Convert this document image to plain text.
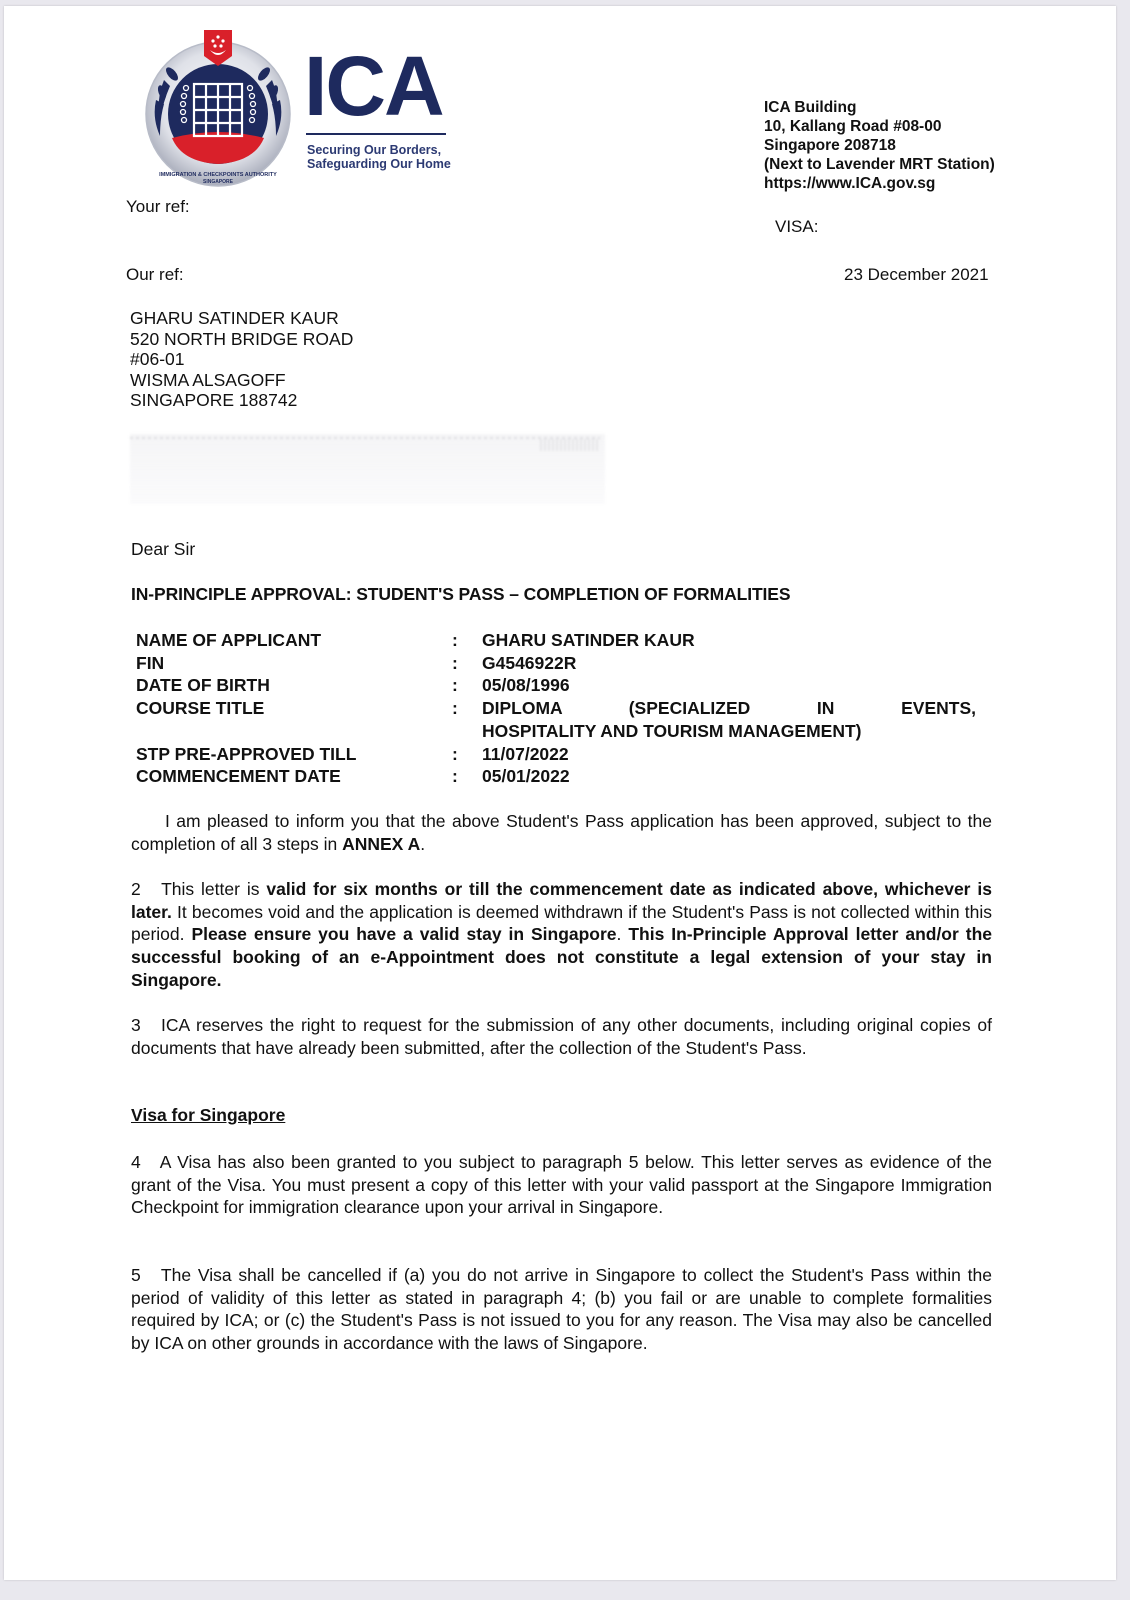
IMMIGRATION & CHECKPOINTS AUTHORITY
SINGAPORE
ICA
Securing Our Borders,
Safeguarding Our Home
ICA Building
10, Kallang Road #08-00
Singapore 208718
(Next to Lavender MRT Station)
https://www.ICA.gov.sg
Your ref:
VISA:
Our ref:	23 December 2021
GHARU SATINDER KAUR
520 NORTH BRIDGE ROAD
#06-01
WISMA ALSAGOFF
SINGAPORE 188742
Dear Sir
IN-PRINCIPLE APPROVAL: STUDENT'S PASS – COMPLETION OF FORMALITIES
NAME OF APPLICANT	:	GHARU SATINDER KAUR
FIN	:	G4546922R
DATE OF BIRTH	:	05/08/1996
COURSE TITLE	:	DIPLOMA (SPECIALIZED IN EVENTS,
HOSPITALITY AND TOURISM MANAGEMENT)
STP PRE-APPROVED TILL	:	11/07/2022
COMMENCEMENT DATE	:	05/01/2022
I am pleased to inform you that the above Student's Pass application has been approved, subject to the completion of all 3 steps in ANNEX A.
2 This letter is valid for six months or till the commencement date as indicated above, whichever is later. It becomes void and the application is deemed withdrawn if the Student's Pass is not collected within this period. Please ensure you have a valid stay in Singapore. This In-Principle Approval letter and/or the successful booking of an e-Appointment does not constitute a legal extension of your stay in Singapore.
3 ICA reserves the right to request for the submission of any other documents, including original copies of documents that have already been submitted, after the collection of the Student's Pass.
Visa for Singapore
4 A Visa has also been granted to you subject to paragraph 5 below. This letter serves as evidence of the grant of the Visa. You must present a copy of this letter with your valid passport at the Singapore Immigration Checkpoint for immigration clearance upon your arrival in Singapore.
5 The Visa shall be cancelled if (a) you do not arrive in Singapore to collect the Student's Pass within the period of validity of this letter as stated in paragraph 4; (b) you fail or are unable to complete formalities required by ICA; or (c) the Student's Pass is not issued to you for any reason. The Visa may also be cancelled by ICA on other grounds in accordance with the laws of Singapore.
